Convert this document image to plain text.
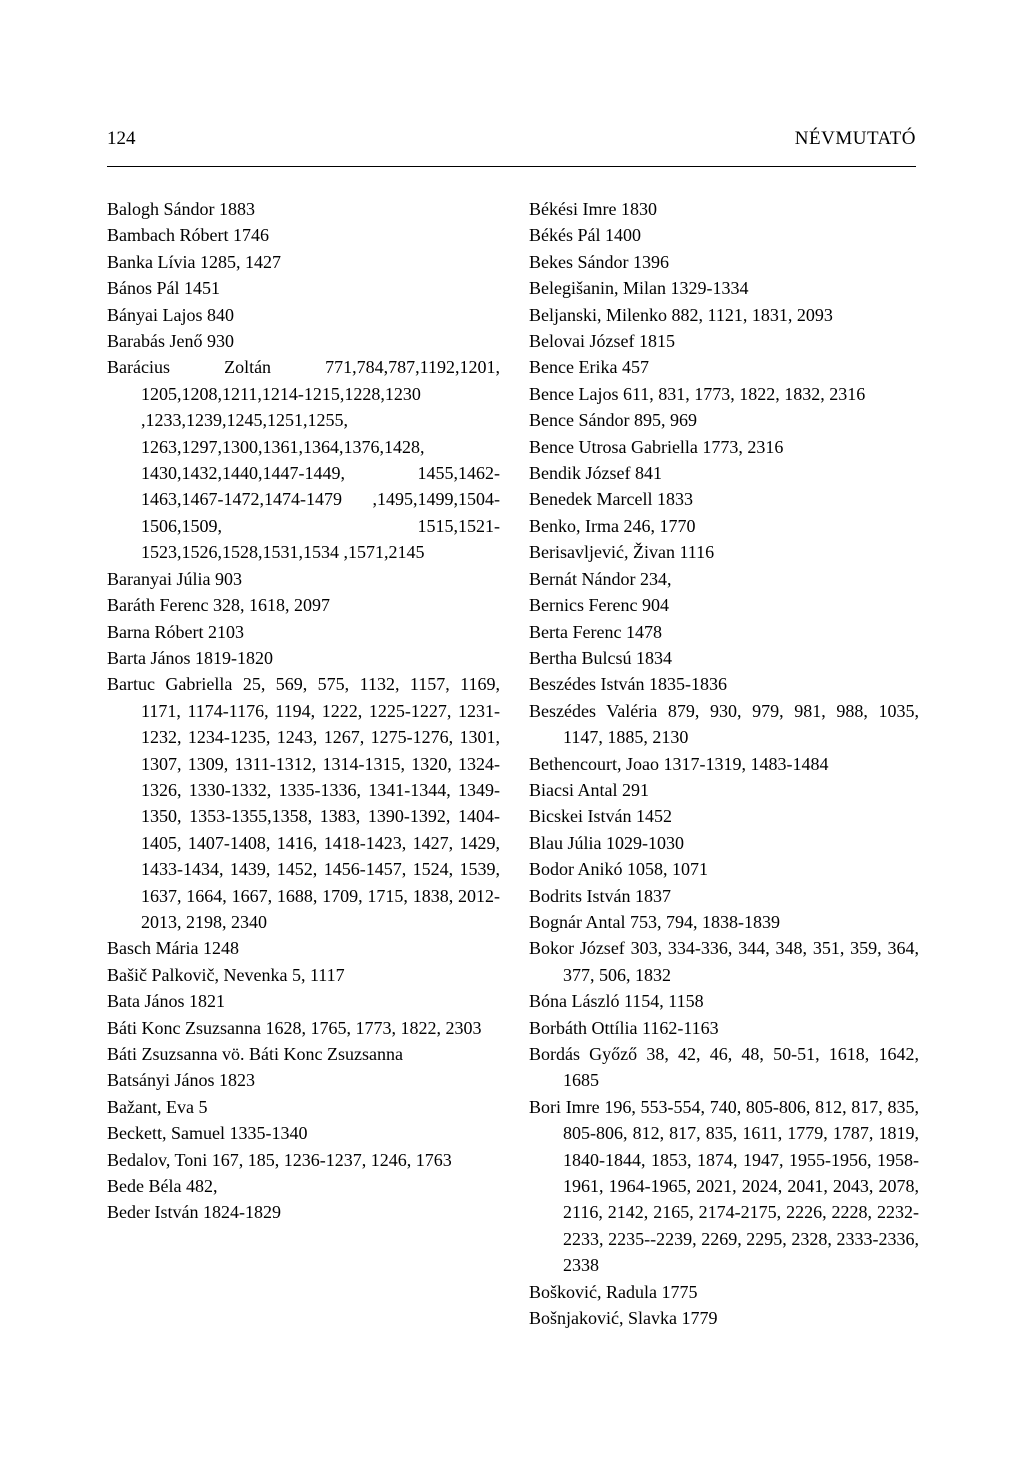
124	NÉVMUTATÓ

Balogh Sándor 1883

Bambach Róbert 1746

Banka Lívia 1285, 1427

Bános Pál 1451

Bányai Lajos 840

Barabás Jenő 930

Barácius Zoltán 771,784,787,1192,1201, 1205,1208,1211,1214-1215,1228,1230 ,1233,1239,1245,1251,1255, 1263,1297,1300,1361,1364,1376,1428, 1430,1432,1440,1447-1449, 1455,1462-1463,1467-1472,1474-1479 ,1495,1499,1504-1506,1509, 1515,1521-1523,1526,1528,1531,1534 ,1571,2145

Baranyai Júlia 903

Baráth Ferenc 328, 1618, 2097

Barna Róbert 2103

Barta János 1819-1820

Bartuc Gabriella 25, 569, 575, 1132, 1157, 1169, 1171, 1174-1176, 1194, 1222, 1225-1227, 1231-1232, 1234-1235, 1243, 1267, 1275-1276, 1301, 1307, 1309, 1311-1312, 1314-1315, 1320, 1324-1326, 1330-1332, 1335-1336, 1341-1344, 1349-1350, 1353-1355,1358, 1383, 1390-1392, 1404-1405, 1407-1408, 1416, 1418-1423, 1427, 1429, 1433-1434, 1439, 1452, 1456-1457, 1524, 1539, 1637, 1664, 1667, 1688, 1709, 1715, 1838, 2012-2013, 2198, 2340

Basch Mária 1248

Bašič Palkovič, Nevenka 5, 1117

Bata János 1821

Báti Konc Zsuzsanna 1628, 1765, 1773, 1822, 2303

Báti Zsuzsanna vö. Báti Konc Zsuzsanna

Batsányi János 1823

Bažant, Eva 5

Beckett, Samuel 1335-1340

Bedalov, Toni 167, 185, 1236-1237, 1246, 1763

Bede Béla 482,

Beder István 1824-1829

Békési Imre 1830

Békés Pál 1400

Bekes Sándor 1396

Belegišanin, Milan 1329-1334

Beljanski, Milenko 882, 1121, 1831, 2093

Belovai József 1815

Bence Erika 457

Bence Lajos 611, 831, 1773, 1822, 1832, 2316

Bence Sándor 895, 969

Bence Utrosa Gabriella 1773, 2316

Bendik József 841

Benedek Marcell 1833

Benko, Irma 246, 1770

Berisavljević, Živan 1116

Bernát Nándor 234,

Bernics Ferenc 904

Berta Ferenc 1478

Bertha Bulcsú 1834

Beszédes István 1835-1836

Beszédes Valéria 879, 930, 979, 981, 988, 1035, 1147, 1885, 2130

Bethencourt, Joao 1317-1319, 1483-1484

Biacsi Antal 291

Bicskei István 1452

Blau Júlia 1029-1030

Bodor Anikó 1058, 1071

Bodrits István 1837

Bognár Antal 753, 794, 1838-1839

Bokor József 303, 334-336, 344, 348, 351, 359, 364, 377, 506, 1832

Bóna László 1154, 1158

Borbáth Ottília 1162-1163

Bordás Győző 38, 42, 46, 48, 50-51, 1618, 1642, 1685

Bori Imre 196, 553-554, 740, 805-806, 812, 817, 835, 805-806, 812, 817, 835, 1611, 1779, 1787, 1819, 1840-1844, 1853, 1874, 1947, 1955-1956, 1958-1961, 1964-1965, 2021, 2024, 2041, 2043, 2078, 2116, 2142, 2165, 2174-2175, 2226, 2228, 2232-2233, 2235--2239, 2269, 2295, 2328, 2333-2336, 2338

Bošković, Radula 1775

Bošnjaković, Slavka 1779
